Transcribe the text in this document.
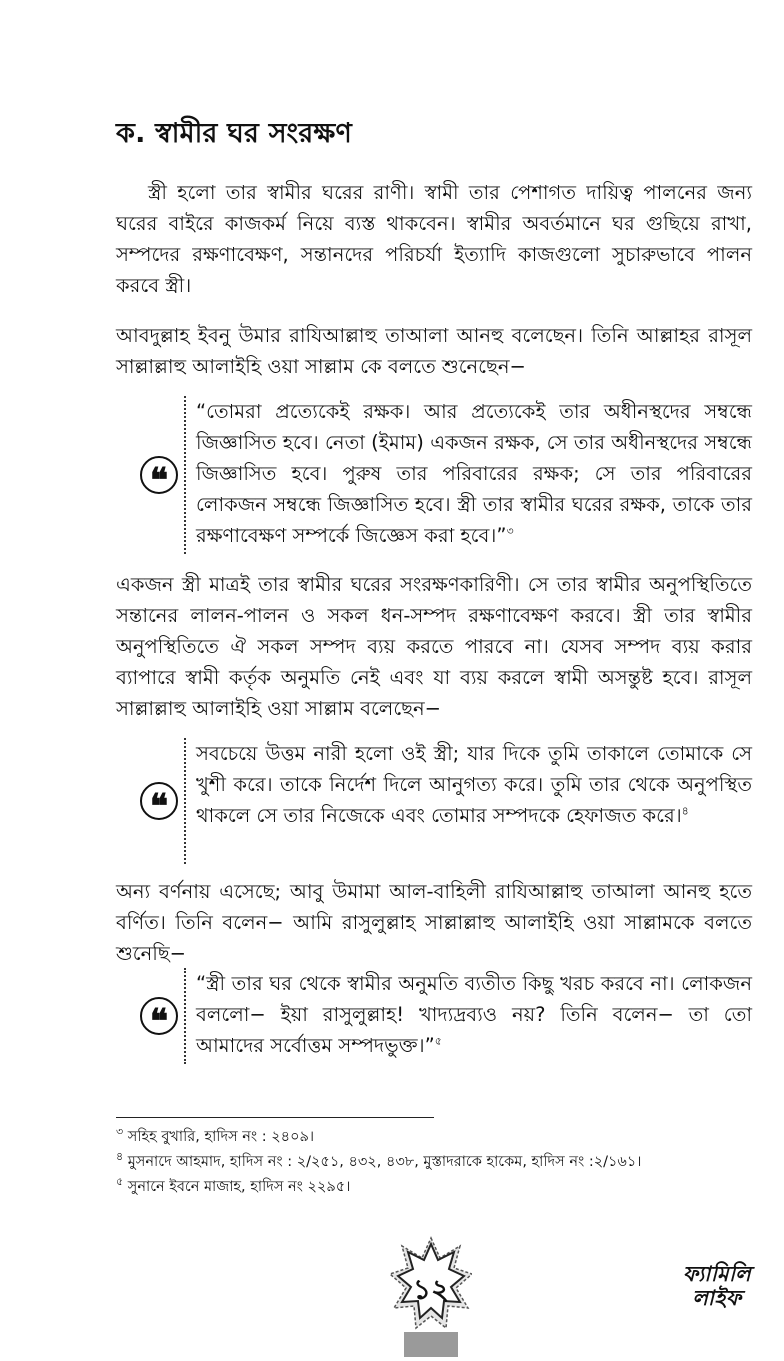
ক. স্বামীর ঘর সংরক্ষণ

স্ত্রী হলো তার স্বামীর ঘরের রাণী। স্বামী তার পেশাগত দায়িত্ব পালনের জন্য ঘরের বাইরে কাজকর্ম নিয়ে ব্যস্ত থাকবেন। স্বামীর অবর্তমানে ঘর গুছিয়ে রাখা, সম্পদের রক্ষণাবেক্ষণ, সন্তানদের পরিচর্যা ইত্যাদি কাজগুলো সুচারুভাবে পালন করবে স্ত্রী।

আবদুল্লাহ ইবনু উমার রাযিআল্লাহু তাআলা আনহু বলেছেন। তিনি আল্লাহর রাসূল সাল্লাল্লাহু আলাইহি ওয়া সাল্লাম কে বলতে শুনেছেন−

❝

“তোমরা প্রত্যেকেই রক্ষক। আর প্রত্যেকেই তার অধীনস্থদের সম্বন্ধে জিজ্ঞাসিত হবে। নেতা (ইমাম) একজন রক্ষক, সে তার অধীনস্থদের সম্বন্ধে জিজ্ঞাসিত হবে। পুরুষ তার পরিবারের রক্ষক; সে তার পরিবারের লোকজন সম্বন্ধে জিজ্ঞাসিত হবে। স্ত্রী তার স্বামীর ঘরের রক্ষক, তাকে তার রক্ষণাবেক্ষণ সম্পর্কে জিজ্ঞেস করা হবে।”$^৩$

একজন স্ত্রী মাত্রই তার স্বামীর ঘরের সংরক্ষণকারিণী। সে তার স্বামীর অনুপস্থিতিতে সন্তানের লালন-পালন ও সকল ধন-সম্পদ রক্ষণাবেক্ষণ করবে। স্ত্রী তার স্বামীর অনুপস্থিতিতে ঐ সকল সম্পদ ব্যয় করতে পারবে না। যেসব সম্পদ ব্যয় করার ব্যাপারে স্বামী কর্তৃক অনুমতি নেই এবং যা ব্যয় করলে স্বামী অসন্তুষ্ট হবে। রাসূল সাল্লাল্লাহু আলাইহি ওয়া সাল্লাম বলেছেন−

❝

সবচেয়ে উত্তম নারী হলো ওই স্ত্রী; যার দিকে তুমি তাকালে তোমাকে সে খুশী করে। তাকে নির্দেশ দিলে আনুগত্য করে। তুমি তার থেকে অনুপস্থিত থাকলে সে তার নিজেকে এবং তোমার সম্পদকে হেফাজত করে।$^৪$

অন্য বর্ণনায় এসেছে; আবু উমামা আল-বাহিলী রাযিআল্লাহু তাআলা আনহু হতে বর্ণিত। তিনি বলেন− আমি রাসুলুল্লাহ সাল্লাল্লাহু আলাইহি ওয়া সাল্লামকে বলতে শুনেছি−

❝

“স্ত্রী তার ঘর থেকে স্বামীর অনুমতি ব্যতীত কিছু খরচ করবে না। লোকজন বললো− ইয়া রাসুলুল্লাহ! খাদ্যদ্রব্যও নয়? তিনি বলেন− তা তো আমাদের সর্বোত্তম সম্পদভুক্ত।”$^৫$

$^৩$ সহিহ বুখারি, হাদিস নং : ২৪০৯।
$^৪$ মুসনাদে আহমাদ, হাদিস নং : ২/২৫১, ৪৩২, ৪৩৮, মুস্তাদরাকে হাকেম, হাদিস নং :২/১৬১।
$^৫$ সুনানে ইবনে মাজাহ, হাদিস নং ২২৯৫।
১২	ফ্যামিলি
লাইফ
